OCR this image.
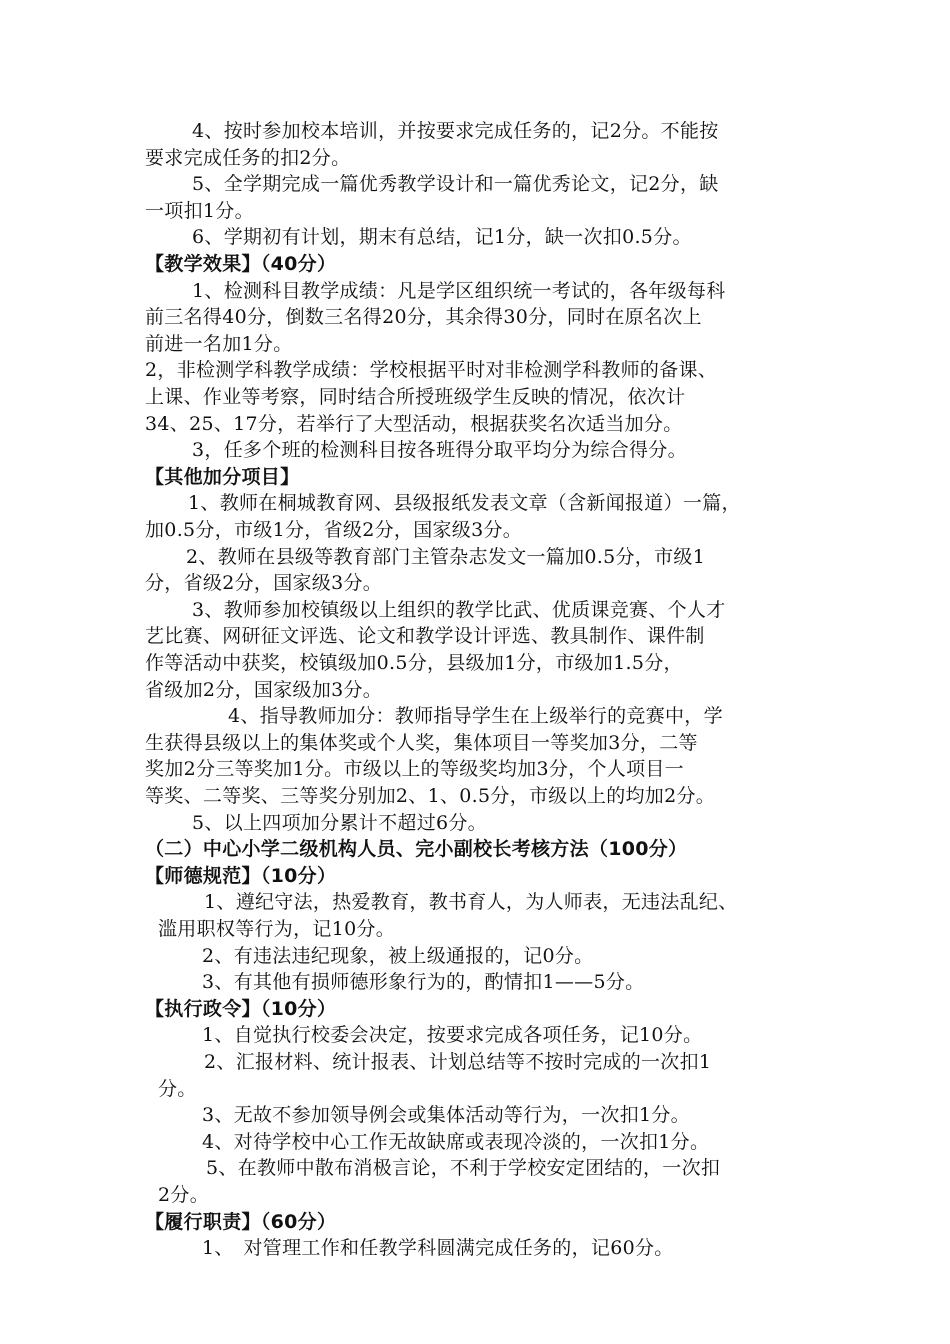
4、按时参加校本培训，并按要求完成任务的，记2分。不能按
要求完成任务的扣2分。
5、全学期完成一篇优秀教学设计和一篇优秀论文，记2分，缺
一项扣1分。
6、学期初有计划，期末有总结，记1分，缺一次扣0.5分。
【教学效果】（40分）
1、检测科目教学成绩：凡是学区组织统一考试的，各年级每科
前三名得40分，倒数三名得20分，其余得30分，同时在原名次上
前进一名加1分。
2，非检测学科教学成绩：学校根据平时对非检测学科教师的备课、
上课、作业等考察，同时结合所授班级学生反映的情况，依次计
34、25、17分，若举行了大型活动，根据获奖名次适当加分。
3，任多个班的检测科目按各班得分取平均分为综合得分。
【其他加分项目】
1、教师在桐城教育网、县级报纸发表文章（含新闻报道）一篇，
加0.5分，市级1分，省级2分，国家级3分。
2、教师在县级等教育部门主管杂志发文一篇加0.5分，市级1
分，省级2分，国家级3分。
3、教师参加校镇级以上组织的教学比武、优质课竞赛、个人才
艺比赛、网研征文评选、论文和教学设计评选、教具制作、课件制
作等活动中获奖，校镇级加0.5分，县级加1分，市级加1.5分，
省级加2分，国家级加3分。
4、指导教师加分：教师指导学生在上级举行的竞赛中，学
生获得县级以上的集体奖或个人奖，集体项目一等奖加3分，二等
奖加2分三等奖加1分。市级以上的等级奖均加3分，个人项目一
等奖、二等奖、三等奖分别加2、1、0.5分，市级以上的均加2分。
5、以上四项加分累计不超过6分。
（二）中心小学二级机构人员、完小副校长考核方法（100分）
【师德规范】（10分）
1、遵纪守法，热爱教育，教书育人，为人师表，无违法乱纪、
滥用职权等行为，记10分。
2、有违法违纪现象，被上级通报的，记0分。
3、有其他有损师德形象行为的，酌情扣1——5分。
【执行政令】（10分）
1、自觉执行校委会决定，按要求完成各项任务，记10分。
2、汇报材料、统计报表、计划总结等不按时完成的一次扣1
分。
3、无故不参加领导例会或集体活动等行为，一次扣1分。
4、对待学校中心工作无故缺席或表现冷淡的，一次扣1分。
5、在教师中散布消极言论，不利于学校安定团结的，一次扣
2分。
【履行职责】（60分）
1、　对管理工作和任教学科圆满完成任务的，记60分。
